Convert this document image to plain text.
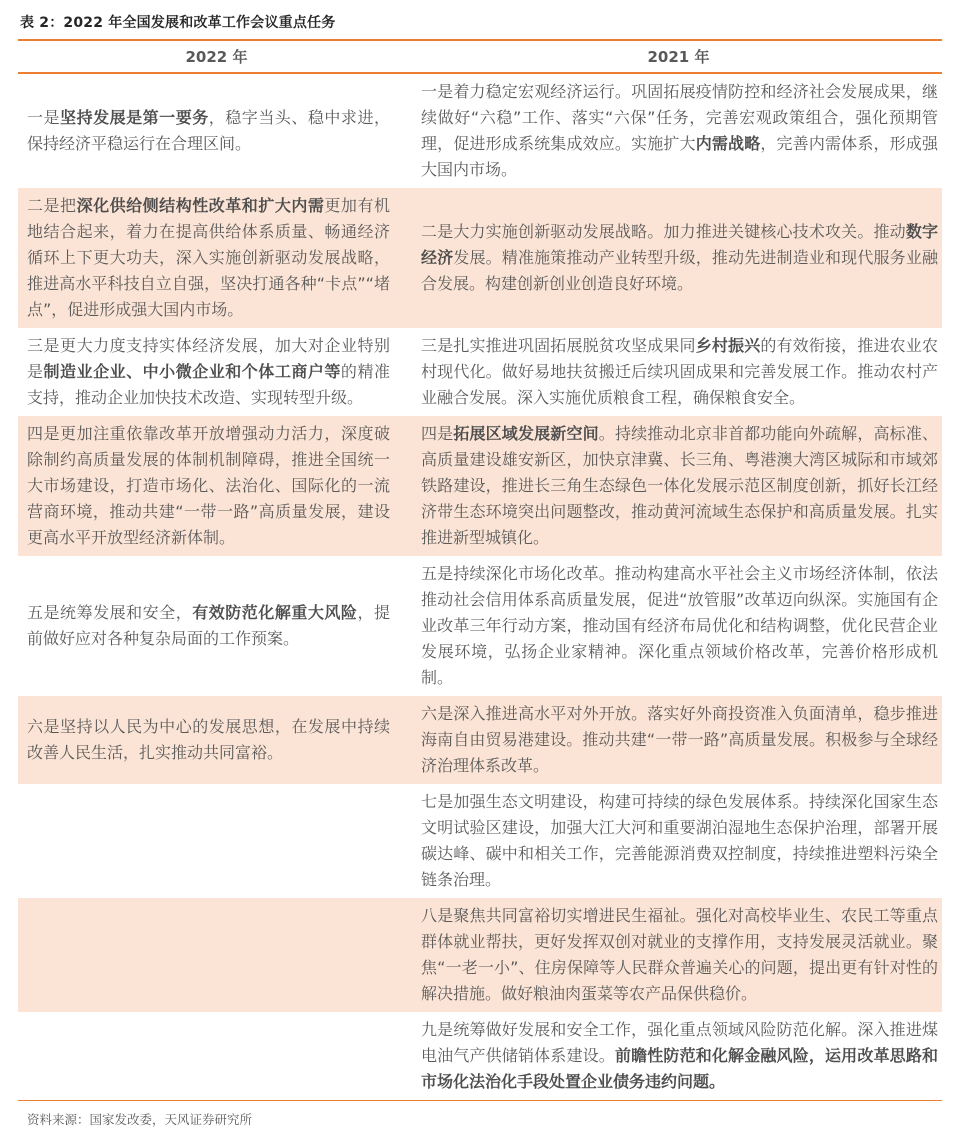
表 2：2022 年全国发展和改革工作会议重点任务
2022 年	2021 年
一是坚持发展是第一要务，稳字当头、稳中求进，保持经济平稳运行在合理区间。
一是着力稳定宏观经济运行。巩固拓展疫情防控和经济社会发展成果，继续做好“六稳”工作、落实“六保”任务，完善宏观政策组合，强化预期管理，促进形成系统集成效应。实施扩大内需战略，完善内需体系，形成强大国内市场。
二是把深化供给侧结构性改革和扩大内需更加有机地结合起来，着力在提高供给体系质量、畅通经济循环上下更大功夫，深入实施创新驱动发展战略，推进高水平科技自立自强，坚决打通各种“卡点”“堵点”，促进形成强大国内市场。
二是大力实施创新驱动发展战略。加力推进关键核心技术攻关。推动数字经济发展。精准施策推动产业转型升级，推动先进制造业和现代服务业融合发展。构建创新创业创造良好环境。
三是更大力度支持实体经济发展，加大对企业特别是制造业企业、中小微企业和个体工商户等的精准支持，推动企业加快技术改造、实现转型升级。
三是扎实推进巩固拓展脱贫攻坚成果同乡村振兴的有效衔接，推进农业农村现代化。做好易地扶贫搬迁后续巩固成果和完善发展工作。推动农村产业融合发展。深入实施优质粮食工程，确保粮食安全。
四是更加注重依靠改革开放增强动力活力，深度破除制约高质量发展的体制机制障碍，推进全国统一大市场建设，打造市场化、法治化、国际化的一流营商环境，推动共建“一带一路”高质量发展，建设更高水平开放型经济新体制。
四是拓展区域发展新空间。持续推动北京非首都功能向外疏解，高标准、高质量建设雄安新区，加快京津冀、长三角、粤港澳大湾区城际和市域郊铁路建设，推进长三角生态绿色一体化发展示范区制度创新，抓好长江经济带生态环境突出问题整改，推动黄河流域生态保护和高质量发展。扎实推进新型城镇化。
五是统筹发展和安全，有效防范化解重大风险，提前做好应对各种复杂局面的工作预案。
五是持续深化市场化改革。推动构建高水平社会主义市场经济体制，依法推动社会信用体系高质量发展，促进“放管服”改革迈向纵深。实施国有企业改革三年行动方案，推动国有经济布局优化和结构调整，优化民营企业发展环境，弘扬企业家精神。深化重点领域价格改革，完善价格形成机制。
六是坚持以人民为中心的发展思想，在发展中持续改善人民生活，扎实推动共同富裕。
六是深入推进高水平对外开放。落实好外商投资准入负面清单，稳步推进海南自由贸易港建设。推动共建“一带一路”高质量发展。积极参与全球经济治理体系改革。
七是加强生态文明建设，构建可持续的绿色发展体系。持续深化国家生态文明试验区建设，加强大江大河和重要湖泊湿地生态保护治理，部署开展碳达峰、碳中和相关工作，完善能源消费双控制度，持续推进塑料污染全链条治理。
八是聚焦共同富裕切实增进民生福祉。强化对高校毕业生、农民工等重点群体就业帮扶，更好发挥双创对就业的支撑作用，支持发展灵活就业。聚焦“一老一小”、住房保障等人民群众普遍关心的问题，提出更有针对性的解决措施。做好粮油肉蛋菜等农产品保供稳价。
九是统筹做好发展和安全工作，强化重点领域风险防范化解。深入推进煤电油气产供储销体系建设。前瞻性防范和化解金融风险，运用改革思路和市场化法治化手段处置企业债务违约问题。
资料来源：国家发改委，天风证券研究所
